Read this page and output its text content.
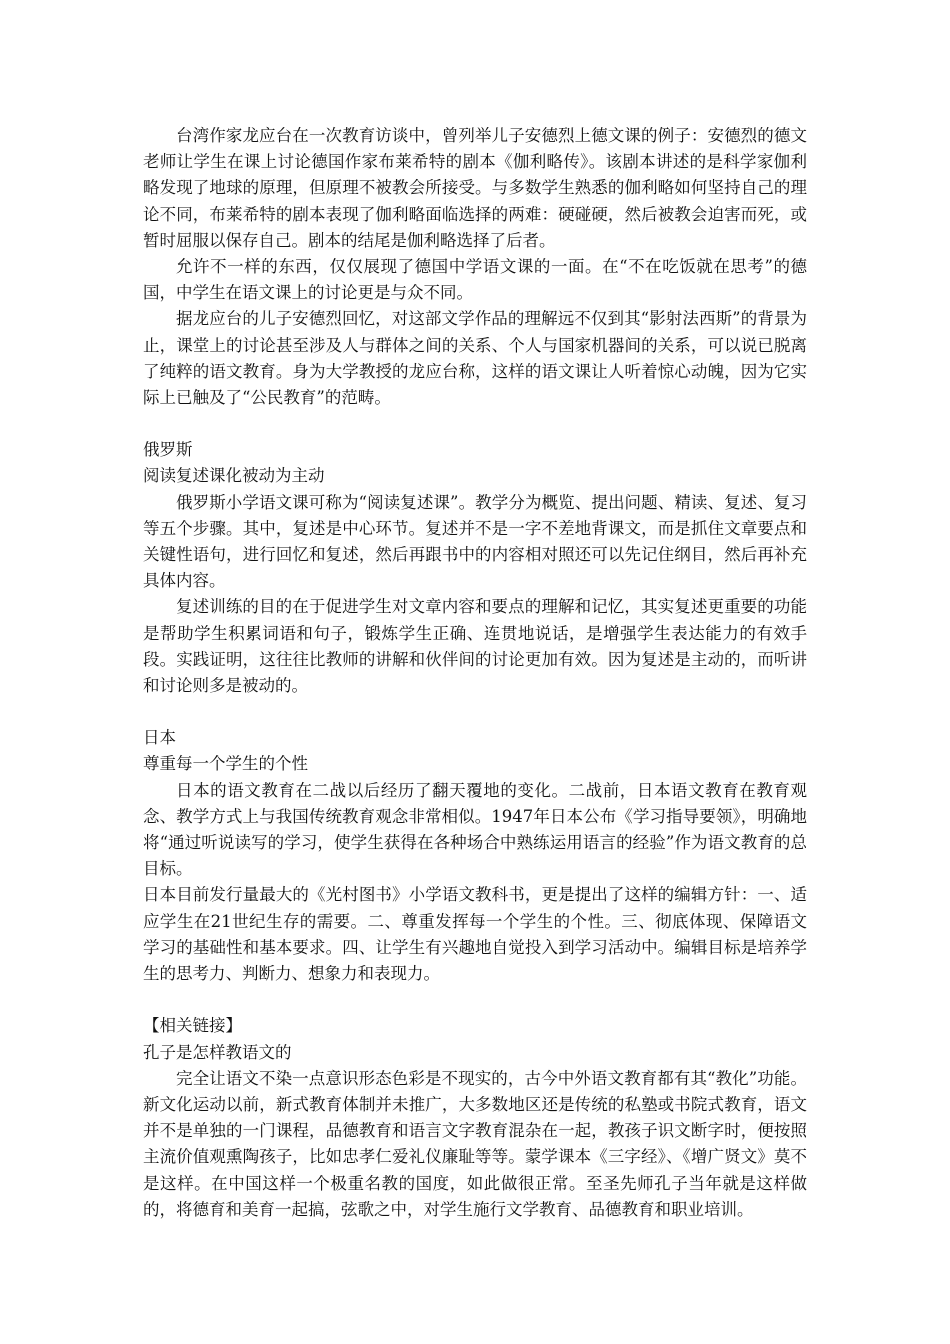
台湾作家龙应台在一次教育访谈中，曾列举儿子安德烈上德文课的例子：安德烈的德文老师让学生在课上讨论德国作家布莱希特的剧本《伽利略传》。该剧本讲述的是科学家伽利略发现了地球的原理，但原理不被教会所接受。与多数学生熟悉的伽利略如何坚持自己的理论不同，布莱希特的剧本表现了伽利略面临选择的两难：硬碰硬，然后被教会迫害而死，或暂时屈服以保存自己。剧本的结尾是伽利略选择了后者。

允许不一样的东西，仅仅展现了德国中学语文课的一面。在“不在吃饭就在思考”的德国，中学生在语文课上的讨论更是与众不同。

据龙应台的儿子安德烈回忆，对这部文学作品的理解远不仅到其“影射法西斯”的背景为止，课堂上的讨论甚至涉及人与群体之间的关系、个人与国家机器间的关系，可以说已脱离了纯粹的语文教育。身为大学教授的龙应台称，这样的语文课让人听着惊心动魄，因为它实际上已触及了“公民教育”的范畴。

俄罗斯

阅读复述课化被动为主动

俄罗斯小学语文课可称为“阅读复述课”。教学分为概览、提出问题、精读、复述、复习等五个步骤。其中，复述是中心环节。复述并不是一字不差地背课文，而是抓住文章要点和关键性语句，进行回忆和复述，然后再跟书中的内容相对照还可以先记住纲目，然后再补充具体内容。

复述训练的目的在于促进学生对文章内容和要点的理解和记忆，其实复述更重要的功能是帮助学生积累词语和句子，锻炼学生正确、连贯地说话，是增强学生表达能力的有效手段。实践证明，这往往比教师的讲解和伙伴间的讨论更加有效。因为复述是主动的，而听讲和讨论则多是被动的。

日本

尊重每一个学生的个性

日本的语文教育在二战以后经历了翻天覆地的变化。二战前，日本语文教育在教育观念、教学方式上与我国传统教育观念非常相似。1947年日本公布《学习指导要领》，明确地将“通过听说读写的学习，使学生获得在各种场合中熟练运用语言的经验”作为语文教育的总目标。

日本目前发行量最大的《光村图书》小学语文教科书，更是提出了这样的编辑方针：一、适应学生在21世纪生存的需要。二、尊重发挥每一个学生的个性。三、彻底体现、保障语文学习的基础性和基本要求。四、让学生有兴趣地自觉投入到学习活动中。编辑目标是培养学生的思考力、判断力、想象力和表现力。

【相关链接】

孔子是怎样教语文的

完全让语文不染一点意识形态色彩是不现实的，古今中外语文教育都有其“教化”功能。新文化运动以前，新式教育体制并未推广，大多数地区还是传统的私塾或书院式教育，语文并不是单独的一门课程，品德教育和语言文字教育混杂在一起，教孩子识文断字时，便按照主流价值观熏陶孩子，比如忠孝仁爱礼仪廉耻等等。蒙学课本《三字经》、《增广贤文》莫不是这样。在中国这样一个极重名教的国度，如此做很正常。至圣先师孔子当年就是这样做的，将德育和美育一起搞，弦歌之中，对学生施行文学教育、品德教育和职业培训。
